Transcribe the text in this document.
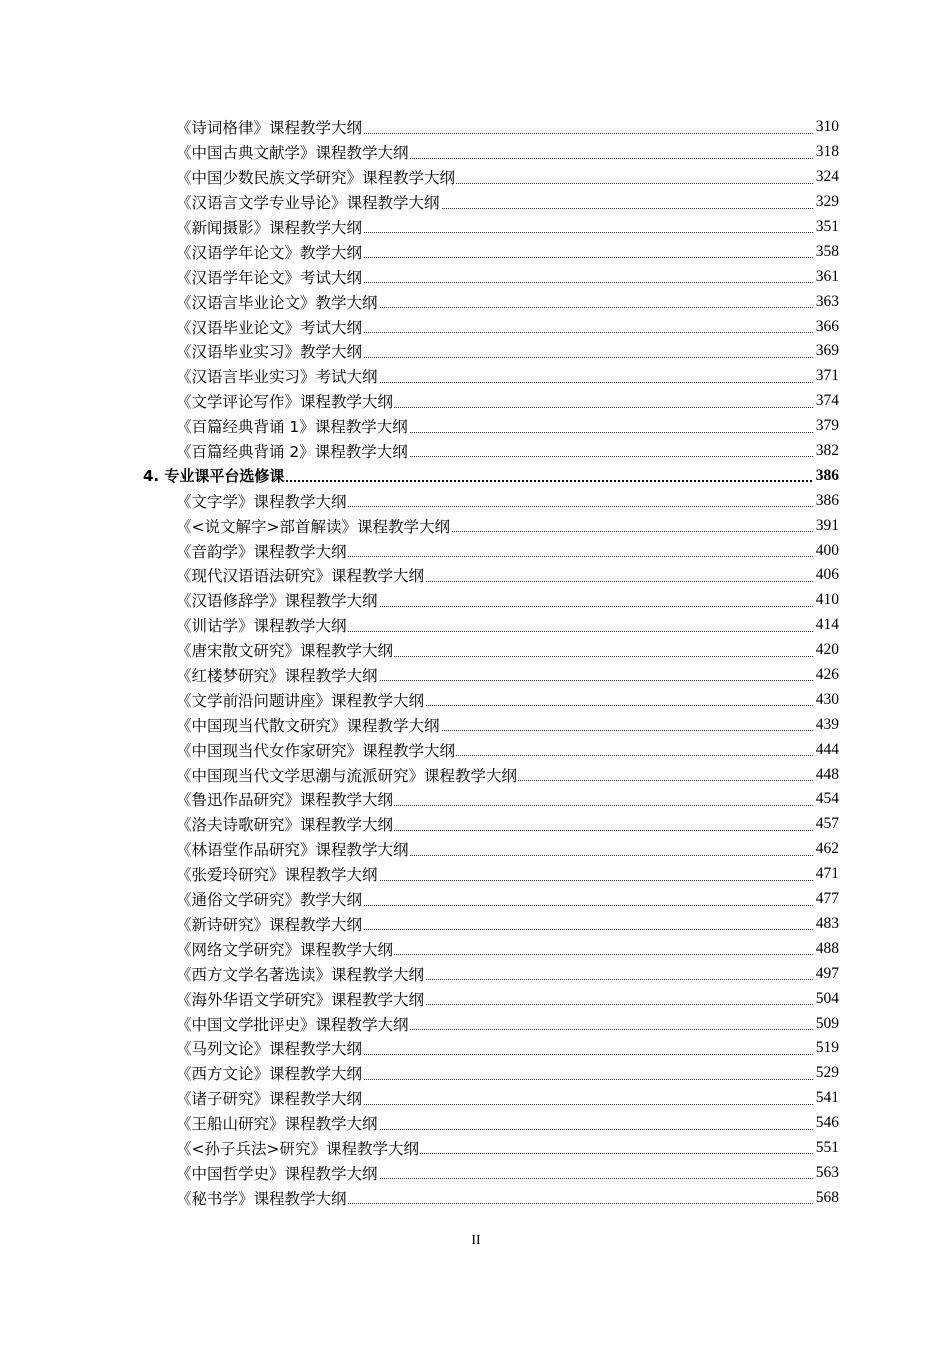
《诗词格律》课程教学大纲	310
《中国古典文献学》课程教学大纲	318
《中国少数民族文学研究》课程教学大纲	324
《汉语言文学专业导论》课程教学大纲	329
《新闻摄影》课程教学大纲	351
《汉语学年论文》教学大纲	358
《汉语学年论文》考试大纲	361
《汉语言毕业论文》教学大纲	363
《汉语毕业论文》考试大纲	366
《汉语毕业实习》教学大纲	369
《汉语言毕业实习》考试大纲	371
《文学评论写作》课程教学大纲	374
《百篇经典背诵 1》课程教学大纲	379
《百篇经典背诵 2》课程教学大纲	382
4. 专业课平台选修课	386
《文字学》课程教学大纲	386
《<说文解字>部首解读》课程教学大纲	391
《音韵学》课程教学大纲	400
《现代汉语语法研究》课程教学大纲	406
《汉语修辞学》课程教学大纲	410
《训诂学》课程教学大纲	414
《唐宋散文研究》课程教学大纲	420
《红楼梦研究》课程教学大纲	426
《文学前沿问题讲座》课程教学大纲	430
《中国现当代散文研究》课程教学大纲	439
《中国现当代女作家研究》课程教学大纲	444
《中国现当代文学思潮与流派研究》课程教学大纲	448
《鲁迅作品研究》课程教学大纲	454
《洛夫诗歌研究》课程教学大纲	457
《林语堂作品研究》课程教学大纲	462
《张爱玲研究》课程教学大纲	471
《通俗文学研究》教学大纲	477
《新诗研究》课程教学大纲	483
《网络文学研究》课程教学大纲	488
《西方文学名著选读》课程教学大纲	497
《海外华语文学研究》课程教学大纲	504
《中国文学批评史》课程教学大纲	509
《马列文论》课程教学大纲	519
《西方文论》课程教学大纲	529
《诸子研究》课程教学大纲	541
《王船山研究》课程教学大纲	546
《<孙子兵法>研究》课程教学大纲	551
《中国哲学史》课程教学大纲	563
《秘书学》课程教学大纲	568
II
